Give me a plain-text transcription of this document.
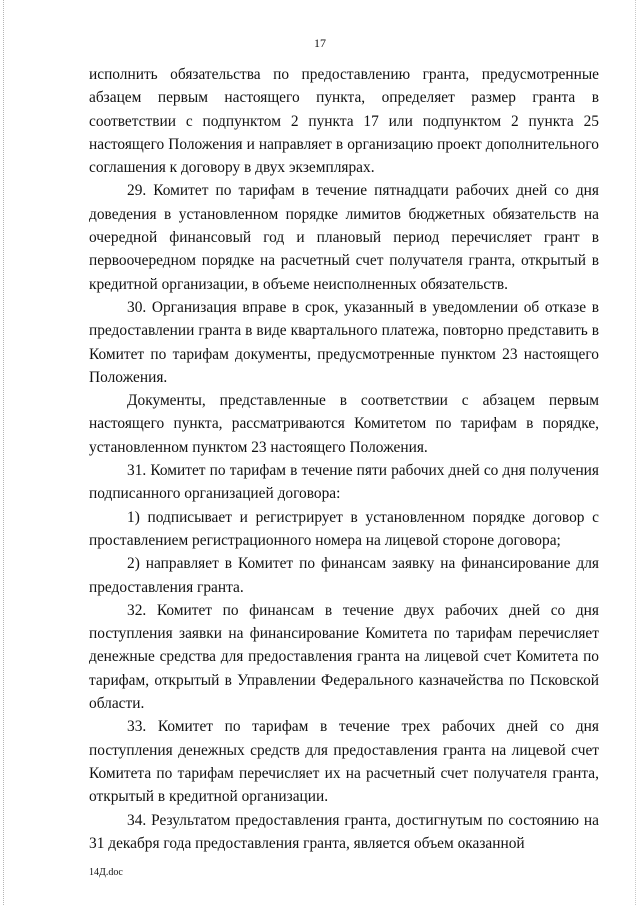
17

исполнить обязательства по предоставлению гранта, предусмотренные абзацем первым настоящего пункта, определяет размер гранта в соответствии с подпунктом 2 пункта 17 или подпунктом 2 пункта 25 настоящего Положения и направляет в организацию проект дополнительного соглашения к договору в двух экземплярах.

29. Комитет по тарифам в течение пятнадцати рабочих дней со дня доведения в установленном порядке лимитов бюджетных обязательств на очередной финансовый год и плановый период перечисляет грант в первоочередном порядке на расчетный счет получателя гранта, открытый в кредитной организации, в объеме неисполненных обязательств.

30. Организация вправе в срок, указанный в уведомлении об отказе в предоставлении гранта в виде квартального платежа, повторно представить в Комитет по тарифам документы, предусмотренные пунктом 23 настоящего Положения.

Документы, представленные в соответствии с абзацем первым настоящего пункта, рассматриваются Комитетом по тарифам в порядке, установленном пунктом 23 настоящего Положения.

31. Комитет по тарифам в течение пяти рабочих дней со дня получения подписанного организацией договора:

1) подписывает и регистрирует в установленном порядке договор с проставлением регистрационного номера на лицевой стороне договора;

2) направляет в Комитет по финансам заявку на финансирование для предоставления гранта.

32. Комитет по финансам в течение двух рабочих дней со дня поступления заявки на финансирование Комитета по тарифам перечисляет денежные средства для предоставления гранта на лицевой счет Комитета по тарифам, открытый в Управлении Федерального казначейства по Псковской области.

33. Комитет по тарифам в течение трех рабочих дней со дня поступления денежных средств для предоставления гранта на лицевой счет Комитета по тарифам перечисляет их на расчетный счет получателя гранта, открытый в кредитной организации.

34. Результатом предоставления гранта, достигнутым по состоянию на 31 декабря года предоставления гранта, является объем оказанной

14Д.doc
